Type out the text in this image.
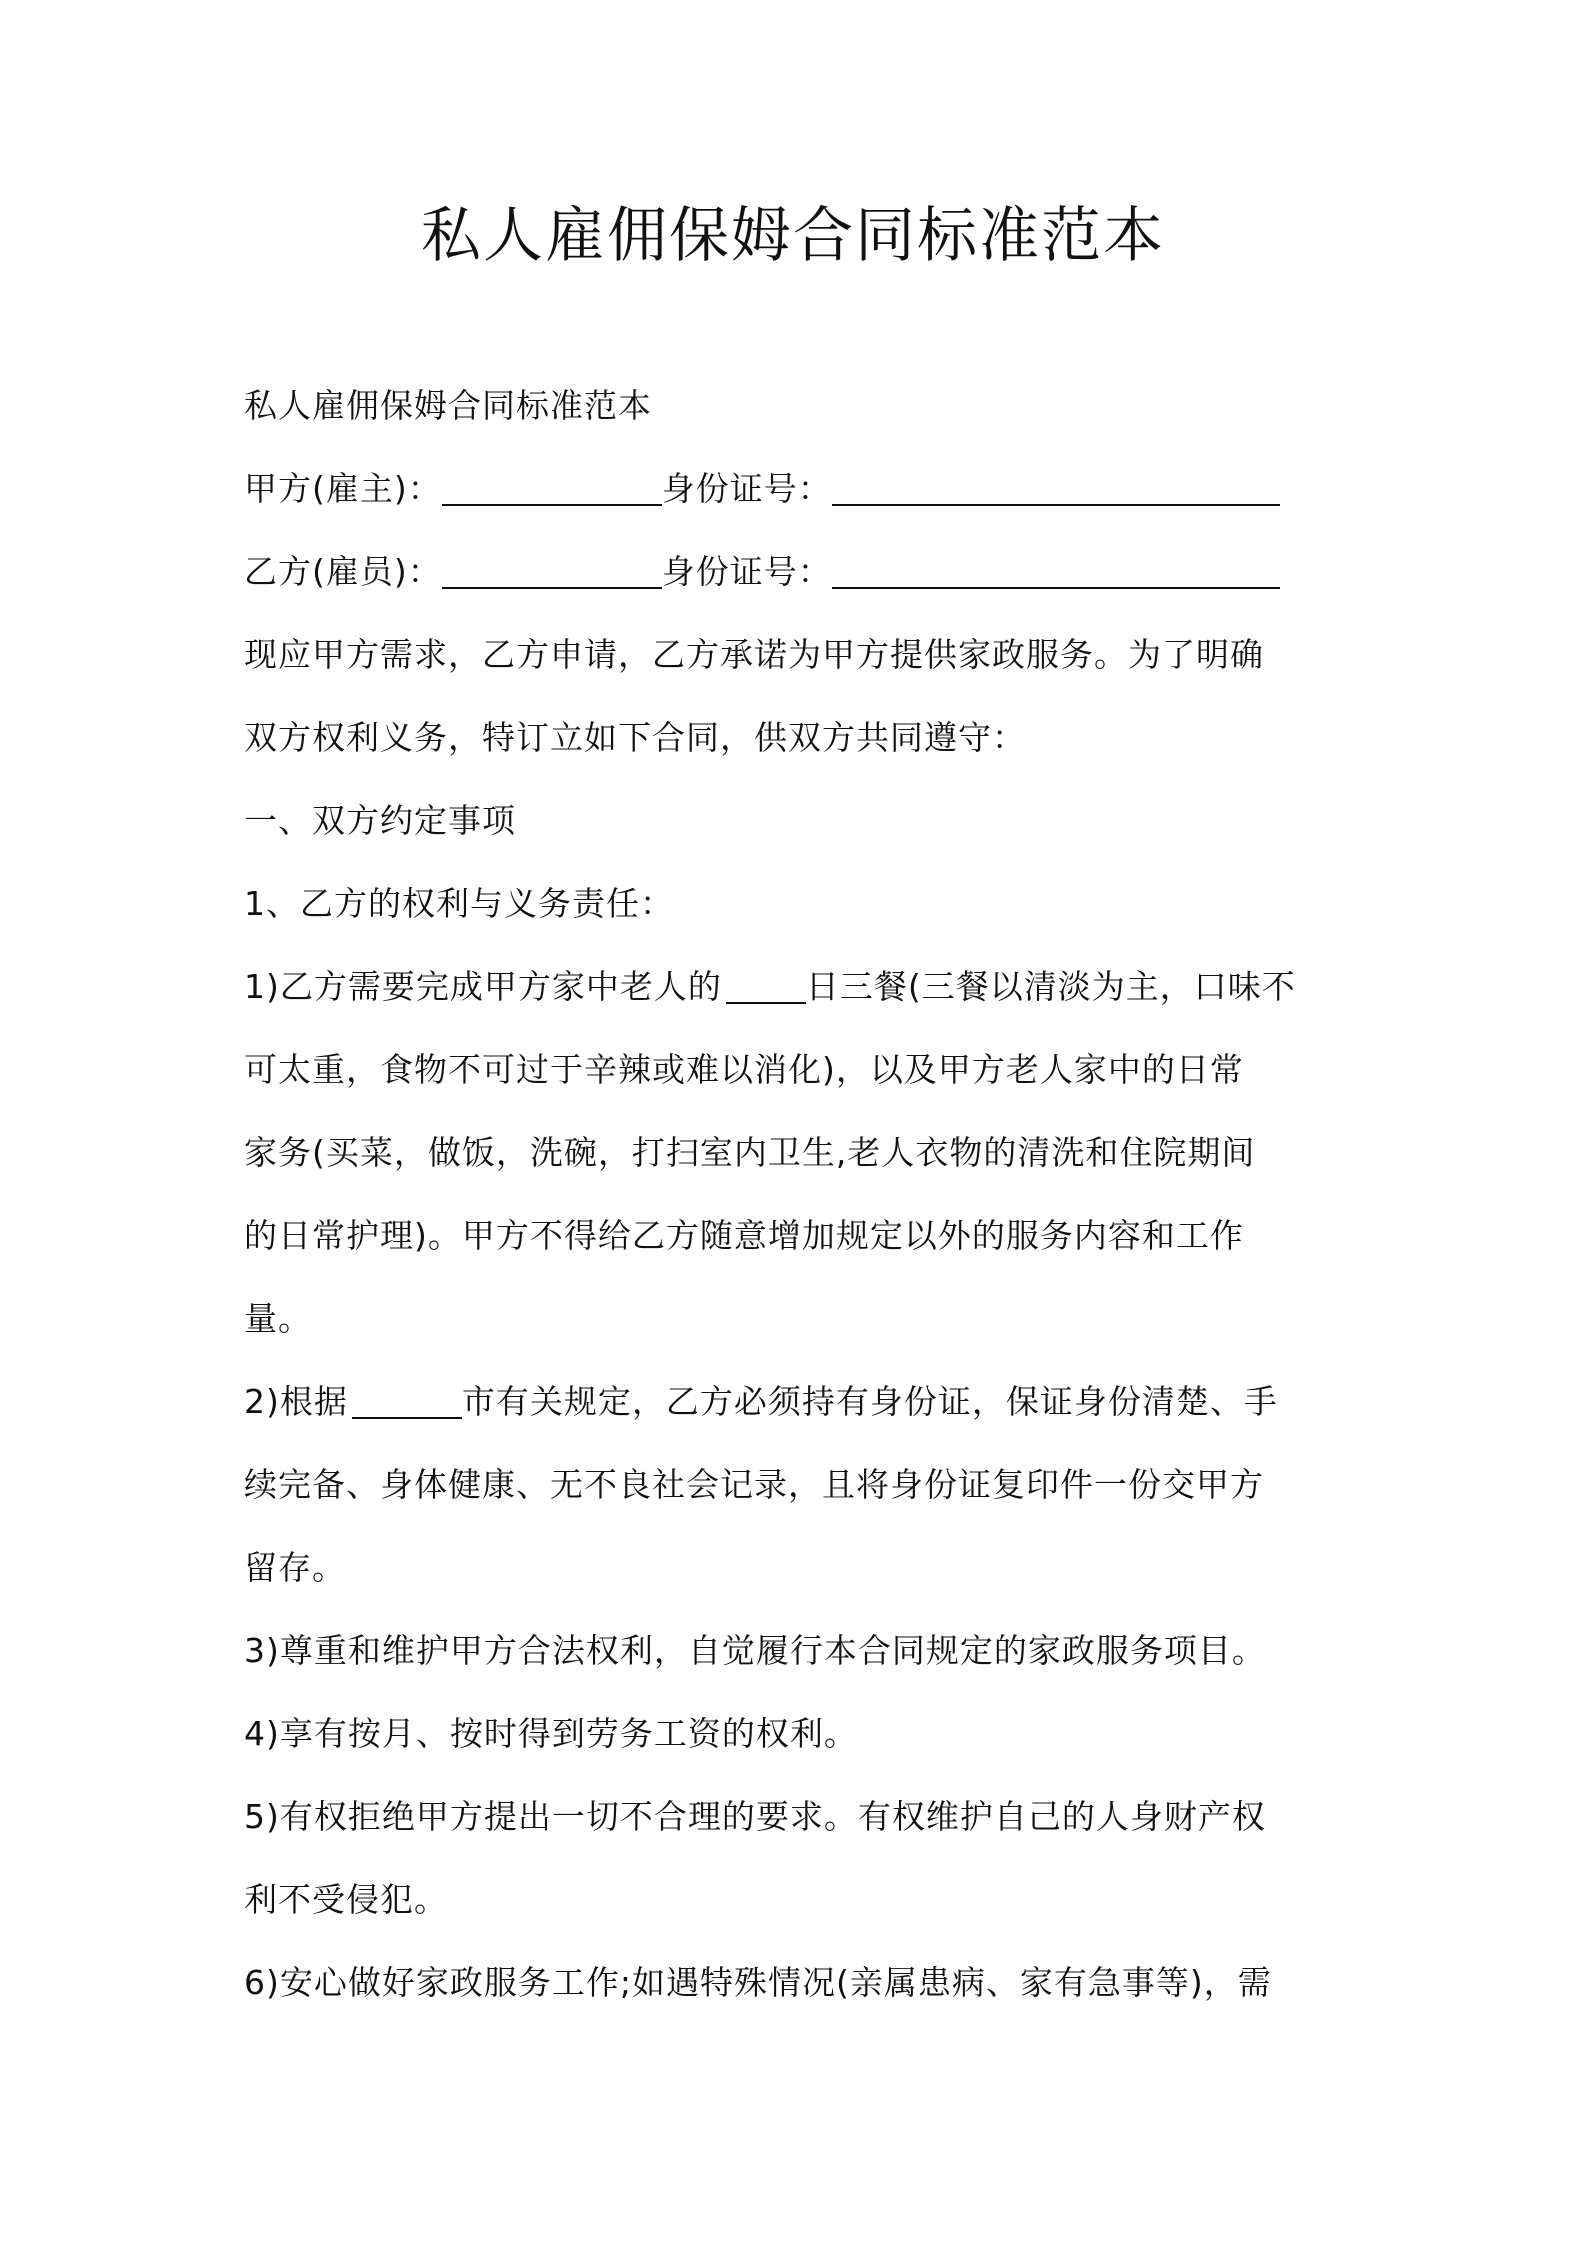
私人雇佣保姆合同标准范本
私人雇佣保姆合同标准范本
甲方(雇主)：	身份证号：
乙方(雇员)：	身份证号：
现应甲方需求，乙方申请，乙方承诺为甲方提供家政服务。为了明确
双方权利义务，特订立如下合同，供双方共同遵守：
一、双方约定事项
1、乙方的权利与义务责任：
1)乙方需要完成甲方家中老人的	日三餐(三餐以清淡为主，口味不
可太重，食物不可过于辛辣或难以消化)，以及甲方老人家中的日常
家务(买菜，做饭，洗碗，打扫室内卫生,老人衣物的清洗和住院期间
的日常护理)。甲方不得给乙方随意增加规定以外的服务内容和工作
量。
2)根据	市有关规定，乙方必须持有身份证，保证身份清楚、手
续完备、身体健康、无不良社会记录，且将身份证复印件一份交甲方
留存。
3)尊重和维护甲方合法权利，自觉履行本合同规定的家政服务项目。
4)享有按月、按时得到劳务工资的权利。
5)有权拒绝甲方提出一切不合理的要求。有权维护自己的人身财产权
利不受侵犯。
6)安心做好家政服务工作;如遇特殊情况(亲属患病、家有急事等)，需
